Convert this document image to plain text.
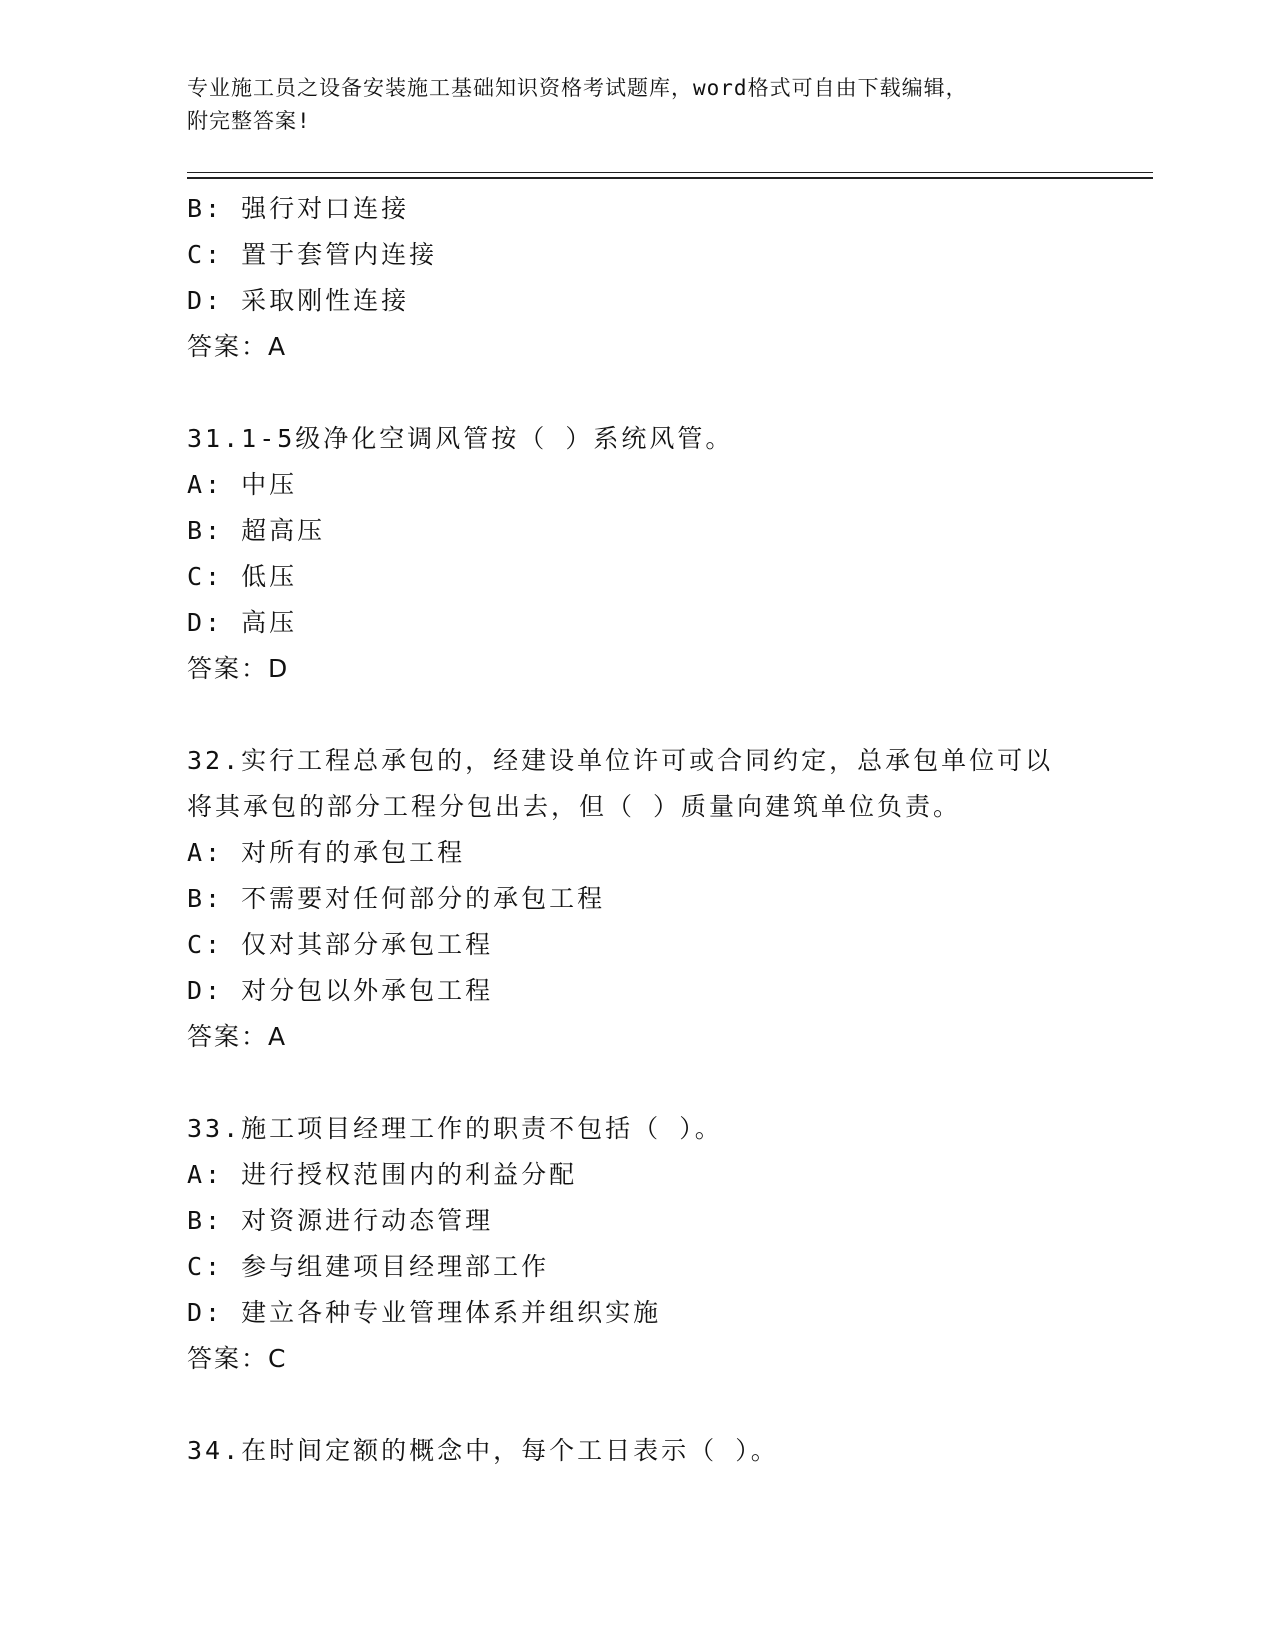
专业施工员之设备安装施工基础知识资格考试题库，word格式可自由下载编辑，
附完整答案!
B: 强行对口连接
C: 置于套管内连接
D: 采取刚性连接
答案：A
31.1-5级净化空调风管按（ ）系统风管。
A: 中压
B: 超高压
C: 低压
D: 高压
答案：D
32.实行工程总承包的，经建设单位许可或合同约定，总承包单位可以
将其承包的部分工程分包出去，但（ ）质量向建筑单位负责。
A: 对所有的承包工程
B: 不需要对任何部分的承包工程
C: 仅对其部分承包工程
D: 对分包以外承包工程
答案：A
33.施工项目经理工作的职责不包括（ ）。
A: 进行授权范围内的利益分配
B: 对资源进行动态管理
C: 参与组建项目经理部工作
D: 建立各种专业管理体系并组织实施
答案：C
34.在时间定额的概念中，每个工日表示（ ）。
